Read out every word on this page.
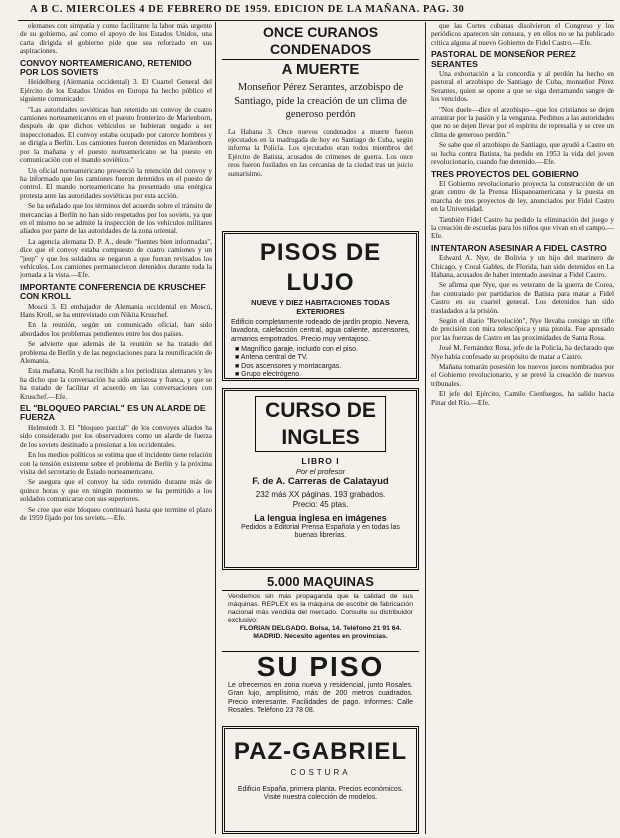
A B C. MIERCOLES 4 DE FEBRERO DE 1959. EDICION DE LA MAÑANA. PAG. 30

elemanes con simpatía y como facilitante la labor más urgente de su gobierno, así como el apoyo de los Estados Unidos, una carta dirigida el gobierno pide que sea reforzado en sus aspiraciones.

CONVOY NORTEAMERICANO, RETENIDO POR LOS SOVIETS

Heidelberg (Alemania occidental) 3. El Cuartel General del Ejército de los Estados Unidos en Europa ha hecho público el siguiente comunicado:

"Las autoridades soviéticas han retenido un convoy de cuatro camiones norteamericanos en el puesto fronterizo de Marienborn, después de que dichos vehículos se hubieran negado a ser inspeccionados. El convoy estaba ocupado por catorce hombres y se dirigía a Berlín. Los camiones fueron detenidos en Marienborn por la mañana y el puesto norteamericano se ha puesto en comunicación con el mando soviético."

Un oficial norteamericano presenció la retención del convoy y ha informado que los camiones fueron detenidos en el puesto de control. El mando norteamericano ha presentado una enérgica protesta ante las autoridades soviéticas por esta acción.

Se ha señalado que los términos del acuerdo sobre el tránsito de mercancías a Berlín no han sido respetados por los soviets, ya que en el mismo no se admite la inspección de los vehículos militares aliados por parte de las autoridades de la zona oriental.

La agencia alemana D. P. A., desde "fuentes bien informadas", dice que el convoy estaba compuesto de cuatro camiones y un "jeep" y que los soldados se negaron a que fueran revisados los vehículos. Los camiones permanecieron detenidos durante toda la jornada a la vista.—Efe.

IMPORTANTE CONFERENCIA DE KRUSCHEF CON KROLL

Moscú 3. El embajador de Alemania occidental en Moscú, Hans Kroll, se ha entrevistado con Nikita Kruschef.

En la reunión, según un comunicado oficial, han sido abordados los problemas pendientes entre los dos países.

Se advierte que además de la reunión se ha tratado del problema de Berlín y de las negociaciones para la reunificación de Alemania.

Esta mañana, Kroll ha recibido a los periodistas alemanes y les ha dicho que la conversación ha sido amistosa y franca, y que se ha tratado de facilitar el acuerdo en las conversaciones con Kruschef.—Efe.

EL "BLOQUEO PARCIAL" ES UN ALARDE DE FUERZA

Helmstedt 3. El "bloqueo parcial" de los convoyes aliados ha sido considerado por los observadores como un alarde de fuerza de los soviets destinado a presionar a los occidentales.

En los medios políticos se estima que el incidente tiene relación con la tensión existente sobre el problema de Berlín y la próxima visita del secretario de Estado norteamericano.

Se asegura que el convoy ha sido retenido durante más de quince horas y que en ningún momento se ha permitido a los soldados comunicarse con sus superiores.

Se cree que este bloqueo continuará hasta que termine el plazo de 1959 fijado por los soviets.—Efe.

ONCE CURANOS CONDENADOS
A MUERTE
Monseñor Pérez Serantes, arzobispo de Santiago, pide la creación de un clima de generoso perdón
La Habana 3. Once nuevos condenados a muerte fueron ejecutados en la madrugada de hoy en Santiago de Cuba, según informa la Policía. Los ejecutados eran todos miembros del Ejército de Batista, acusados de crímenes de guerra. Los once reos fueron fusilados en las cercanías de la ciudad tras un juicio sumarísimo.
PISOS DE LUJO
NUEVE Y DIEZ HABITACIONES TODAS EXTERIORES
Edificio completamente rodeado de jardín propio. Nevera, lavadora, calefacción central, agua caliente, ascensores, armarios empotrados. Precio muy ventajoso.
■ Magnífico garaje, incluido con el piso.
■ Antena central de TV.
■ Dos ascensores y montacargas.
■ Grupo electrógeno.
CURSO DE INGLES
LIBRO I
Por el profesor
F. de A. Carreras de Calatayud
232 más XX páginas. 193 grabados.
Precio: 45 ptas.
La lengua inglesa en imágenes
Pedidos a Editorial Prensa Española y en todas las buenas librerías.
5.000 MAQUINAS
Vendemos sin más propaganda que la calidad de sus máquinas. REPLEX es la máquina de escribir de fabricación nacional más vendida del mercado. Consulte su distribuidor exclusivo:
FLORIAN DELGADO. Bolsa, 14. Teléfono 21 91 64. MADRID. Necesito agentes en provincias.
SU PISO
Le ofrecemos en zona nueva y residencial, junto Rosales. Gran lujo, amplísimo, más de 200 metros cuadrados. Precio interesante. Facilidades de pago. Informes: Calle Rosales. Teléfono 23 78 08.
PAZ-GABRIEL
COSTURA
Edificio España, primera planta. Precios económicos. Visite nuestra colección de modelos.

que las Cortes cubanas disolvieron el Congreso y los periódicos aparecen sin censura, y en ellos no se ha publicado crítica alguna al nuevo Gobierno de Fidel Castro.—Efe.

PASTORAL DE MONSEÑOR PEREZ SERANTES

Una exhortación a la concordia y al perdón ha hecho en pastoral el arzobispo de Santiago de Cuba, monseñor Pérez Serantes, quien se opone a que se siga derramando sangre de los vencidos.

"Nos duele—dice el arzobispo—que los cristianos se dejen arrastrar por la pasión y la venganza. Pedimos a las autoridades que no se dejen llevar por el espíritu de represalia y se cree un clima de generoso perdón."

Se sabe que el arzobispo de Santiago, que ayudó a Castro en su lucha contra Batista, ha pedido en 1953 la vida del joven revolucionario, cuando fue detenido.—Efe.

TRES PROYECTOS DEL GOBIERNO

El Gobierno revolucionario proyecta la construcción de un gran centro de la Prensa Hispanoamericana y la puesta en marcha de tres proyectos de ley, anunciados por Fidel Castro en la Universidad.

También Fidel Castro ha pedido la eliminación del juego y la creación de escuelas para los niños que vivan en el campo.—Efe.

INTENTARON ASESINAR A FIDEL CASTRO

Edward A. Nye, de Bolivia y un hijo del marinero de Chicago, y Coral Gables, de Florida, han sido detenidos en La Habana, acusados de haber intentado asesinar a Fidel Castro.

Se afirma que Nye, que es veterano de la guerra de Corea, fue contratado por partidarios de Batista para matar a Fidel Castro en su cuartel general. Los detenidos han sido trasladados a la prisión.

Según el diario "Revolución", Nye llevaba consigo un rifle de precisión con mira telescópica y una pistola. Fue apresado por las fuerzas de Castro en las proximidades de Santa Rosa.

José M. Fernández Rosa, jefe de la Policía, ha declarado que Nye había confesado su propósito de matar a Castro.

Mañana tomarán posesión los nuevos jueces nombrados por el Gobierno revolucionario, y se prevé la creación de nuevos tribunales.

El jefe del Ejército, Camilo Cienfuegos, ha salido hacia Pinar del Río.—Efe.
